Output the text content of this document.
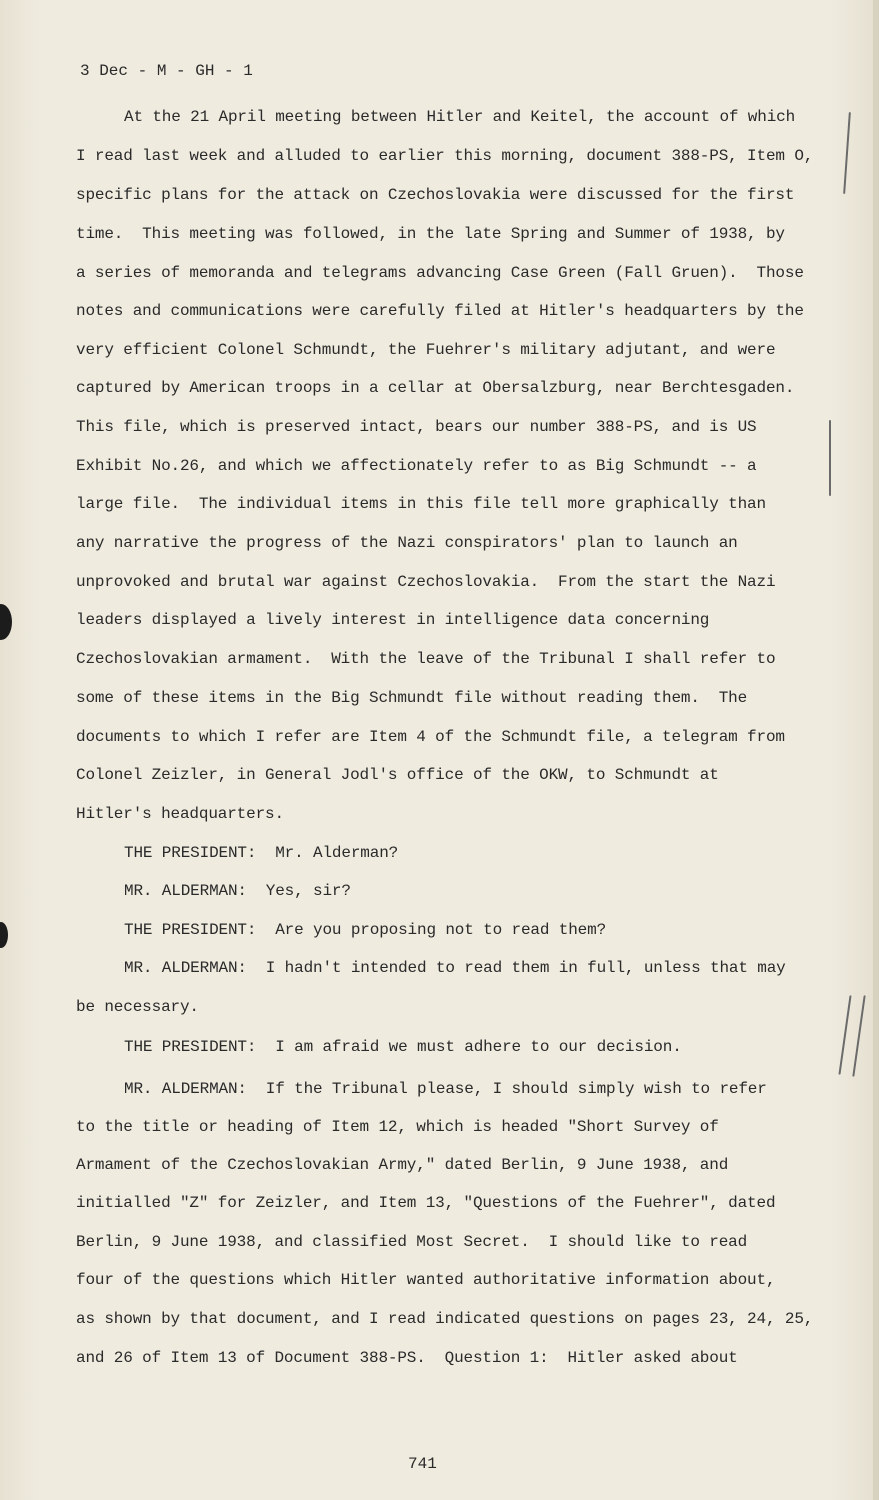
3 Dec - M - GH - 1
At the 21 April meeting between Hitler and Keitel, the account of which
I read last week and alluded to earlier this morning, document 388-PS, Item O,
specific plans for the attack on Czechoslovakia were discussed for the first
time.  This meeting was followed, in the late Spring and Summer of 1938, by
a series of memoranda and telegrams advancing Case Green (Fall Gruen).  Those
notes and communications were carefully filed at Hitler's headquarters by the
very efficient Colonel Schmundt, the Fuehrer's military adjutant, and were
captured by American troops in a cellar at Obersalzburg, near Berchtesgaden.
This file, which is preserved intact, bears our number 388-PS, and is US
Exhibit No.26, and which we affectionately refer to as Big Schmundt -- a
large file.  The individual items in this file tell more graphically than
any narrative the progress of the Nazi conspirators' plan to launch an
unprovoked and brutal war against Czechoslovakia.  From the start the Nazi
leaders displayed a lively interest in intelligence data concerning
Czechoslovakian armament.  With the leave of the Tribunal I shall refer to
some of these items in the Big Schmundt file without reading them.  The
documents to which I refer are Item 4 of the Schmundt file, a telegram from
Colonel Zeizler, in General Jodl's office of the OKW, to Schmundt at
Hitler's headquarters.
THE PRESIDENT:  Mr. Alderman?
MR. ALDERMAN:  Yes, sir?
THE PRESIDENT:  Are you proposing not to read them?
MR. ALDERMAN:  I hadn't intended to read them in full, unless that may
be necessary.
THE PRESIDENT:  I am afraid we must adhere to our decision.
MR. ALDERMAN:  If the Tribunal please, I should simply wish to refer
to the title or heading of Item 12, which is headed "Short Survey of
Armament of the Czechoslovakian Army," dated Berlin, 9 June 1938, and
initialled "Z" for Zeizler, and Item 13, "Questions of the Fuehrer", dated
Berlin, 9 June 1938, and classified Most Secret.  I should like to read
four of the questions which Hitler wanted authoritative information about,
as shown by that document, and I read indicated questions on pages 23, 24, 25,
and 26 of Item 13 of Document 388-PS.  Question 1:  Hitler asked about
741
